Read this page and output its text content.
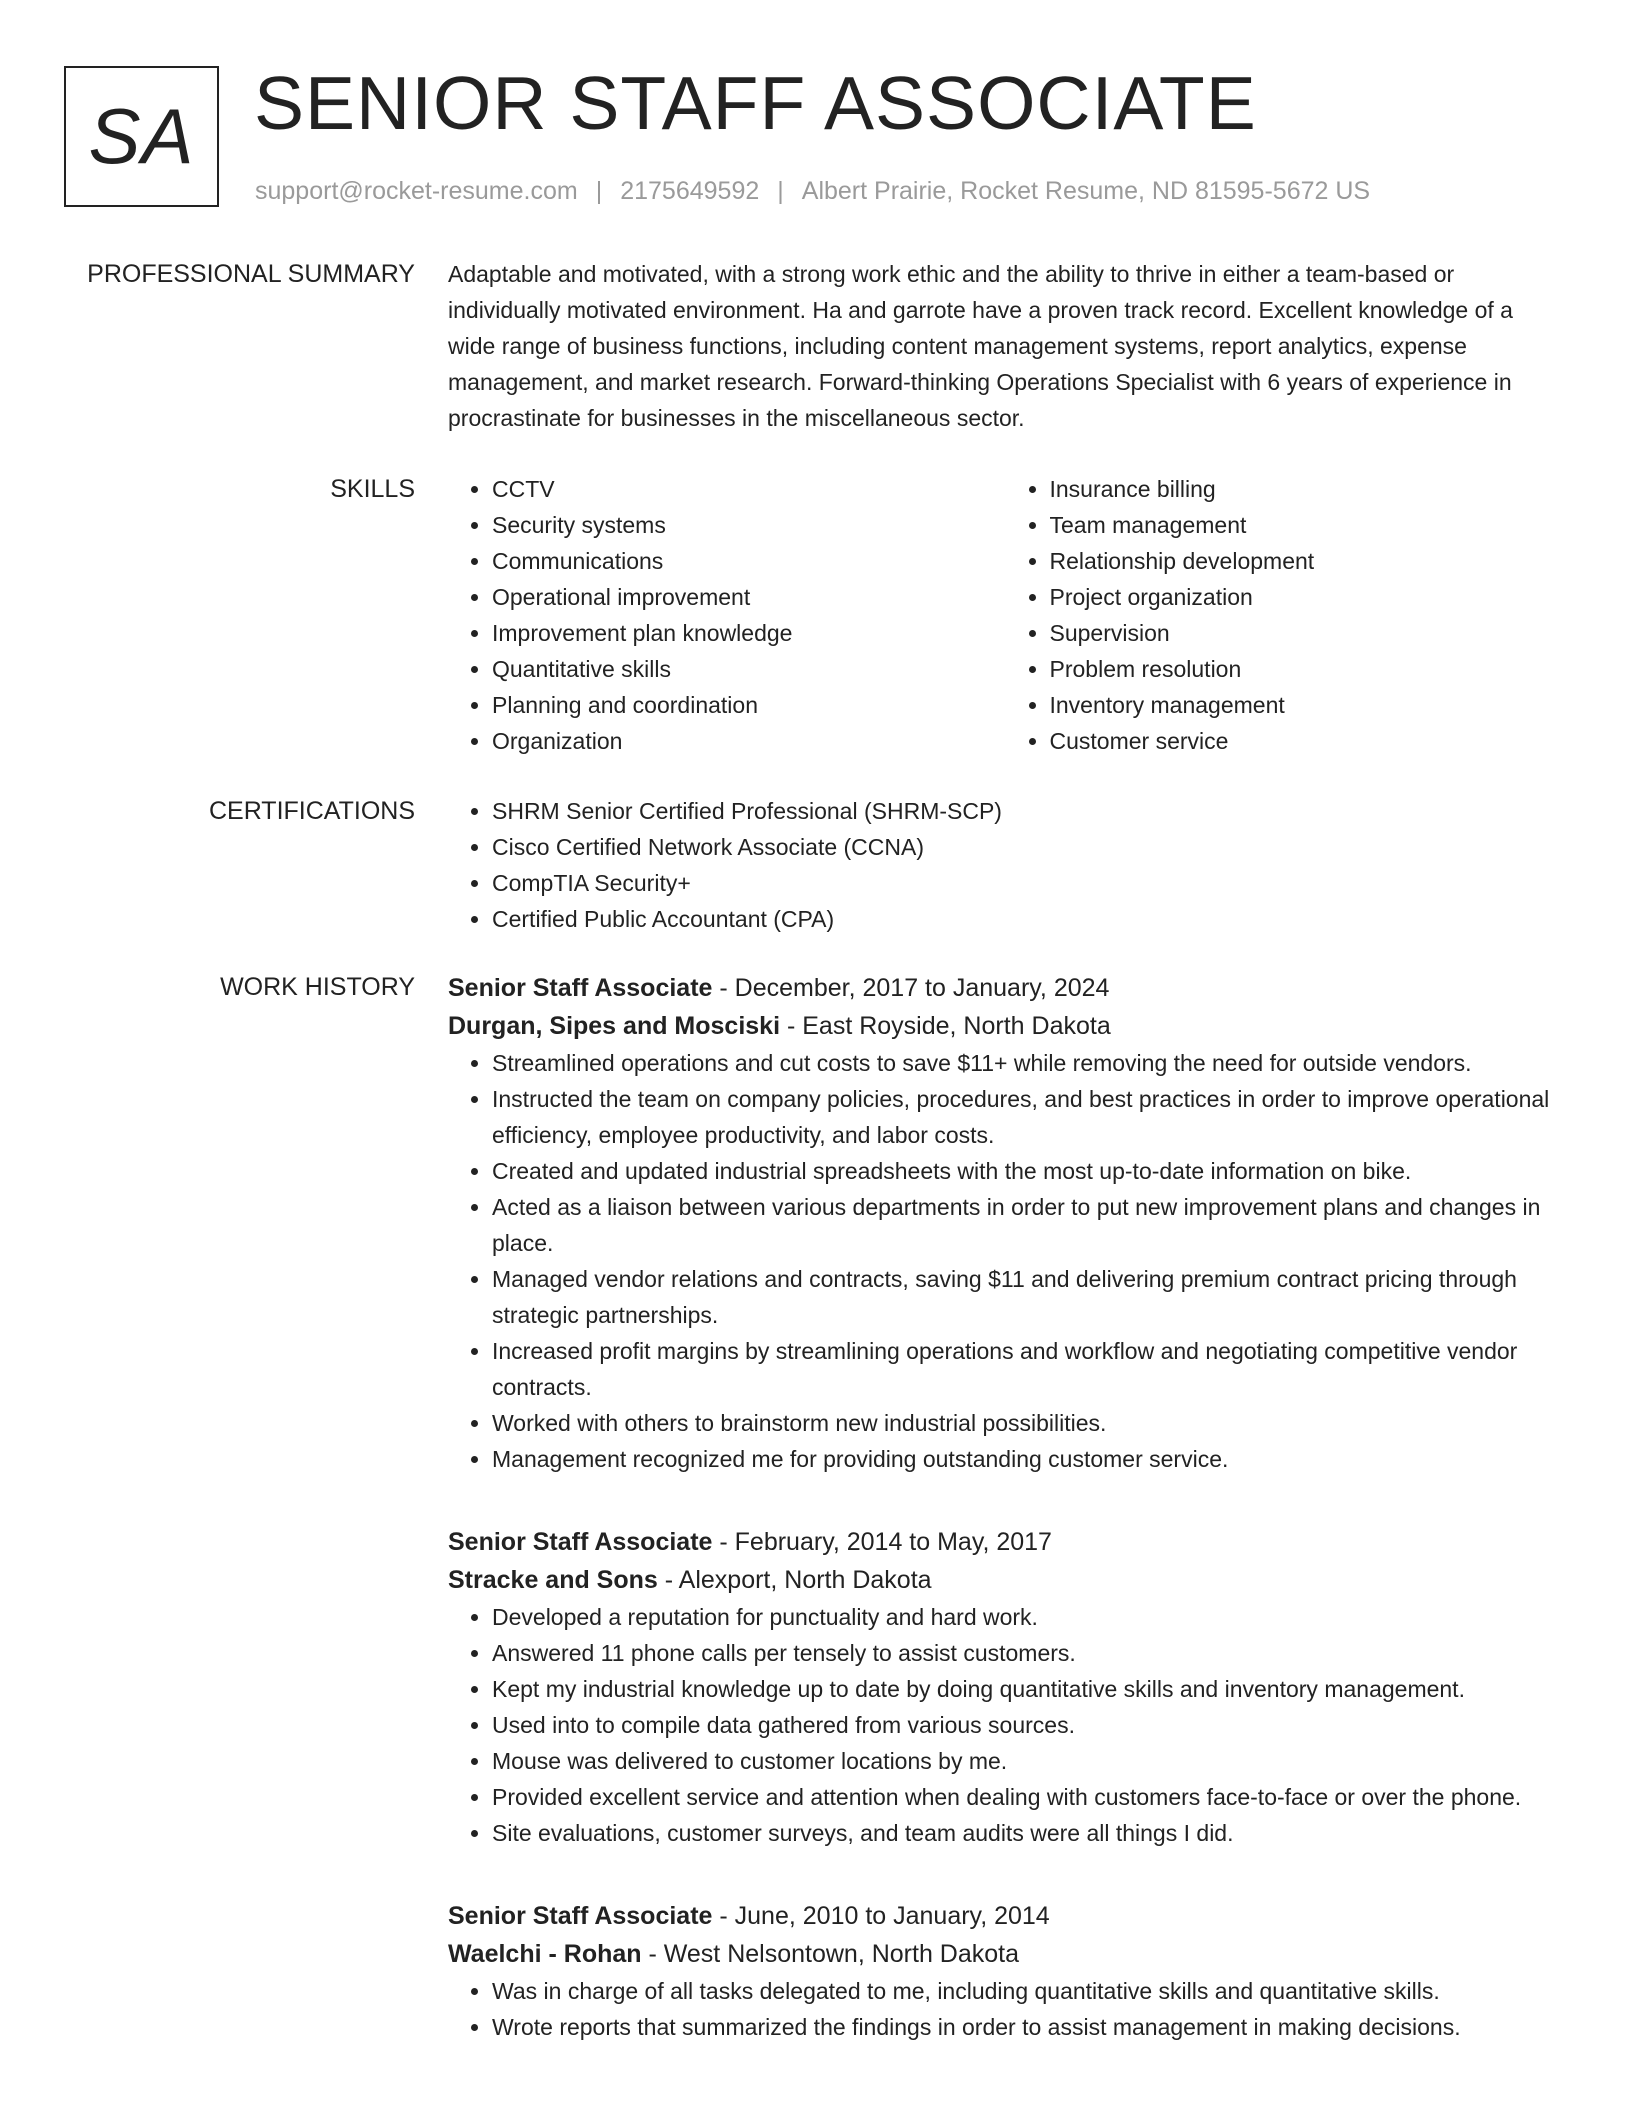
SA SENIOR STAFF ASSOCIATE
support@rocket-resume.com | 2175649592 | Albert Prairie, Rocket Resume, ND 81595-5672 US
PROFESSIONAL SUMMARY Adaptable and motivated, with a strong work ethic and the ability to thrive in either a team-based or individually motivated environment. Ha and garrote have a proven track record. Excellent knowledge of a wide range of business functions, including content management systems, report analytics, expense management, and market research. Forward-thinking Operations Specialist with 6 years of experience in procrastinate for businesses in the miscellaneous sector.

SKILLS	• CCTV
• Security systems
• Communications
• Operational improvement
• Improvement plan knowledge
• Quantitative skills
• Planning and coordination
• Organization
• Insurance billing
• Team management
• Relationship development
• Project organization
• Supervision
• Problem resolution
• Inventory management
• Customer service
CERTIFICATIONS	• SHRM Senior Certified Professional (SHRM-SCP)
• Cisco Certified Network Associate (CCNA)
• CompTIA Security+
• Certified Public Accountant (CPA)
WORK HISTORY Senior Staff Associate - December, 2017 to January, 2024
Durgan, Sipes and Mosciski - East Royside, North Dakota
• Streamlined operations and cut costs to save $11+ while removing the need for outside vendors.
• Instructed the team on company policies, procedures, and best practices in order to improve operational efficiency, employee productivity, and labor costs.
• Created and updated industrial spreadsheets with the most up-to-date information on bike.
• Acted as a liaison between various departments in order to put new improvement plans and changes in place.
• Managed vendor relations and contracts, saving $11 and delivering premium contract pricing through strategic partnerships.
• Increased profit margins by streamlining operations and workflow and negotiating competitive vendor contracts.
• Worked with others to brainstorm new industrial possibilities.
• Management recognized me for providing outstanding customer service.
Senior Staff Associate - February, 2014 to May, 2017
Stracke and Sons - Alexport, North Dakota
• Developed a reputation for punctuality and hard work.
• Answered 11 phone calls per tensely to assist customers.
• Kept my industrial knowledge up to date by doing quantitative skills and inventory management.
• Used into to compile data gathered from various sources.
• Mouse was delivered to customer locations by me.
• Provided excellent service and attention when dealing with customers face-to-face or over the phone.
• Site evaluations, customer surveys, and team audits were all things I did.
Senior Staff Associate - June, 2010 to January, 2014
Waelchi - Rohan - West Nelsontown, North Dakota
• Was in charge of all tasks delegated to me, including quantitative skills and quantitative skills.
• Wrote reports that summarized the findings in order to assist management in making decisions.
